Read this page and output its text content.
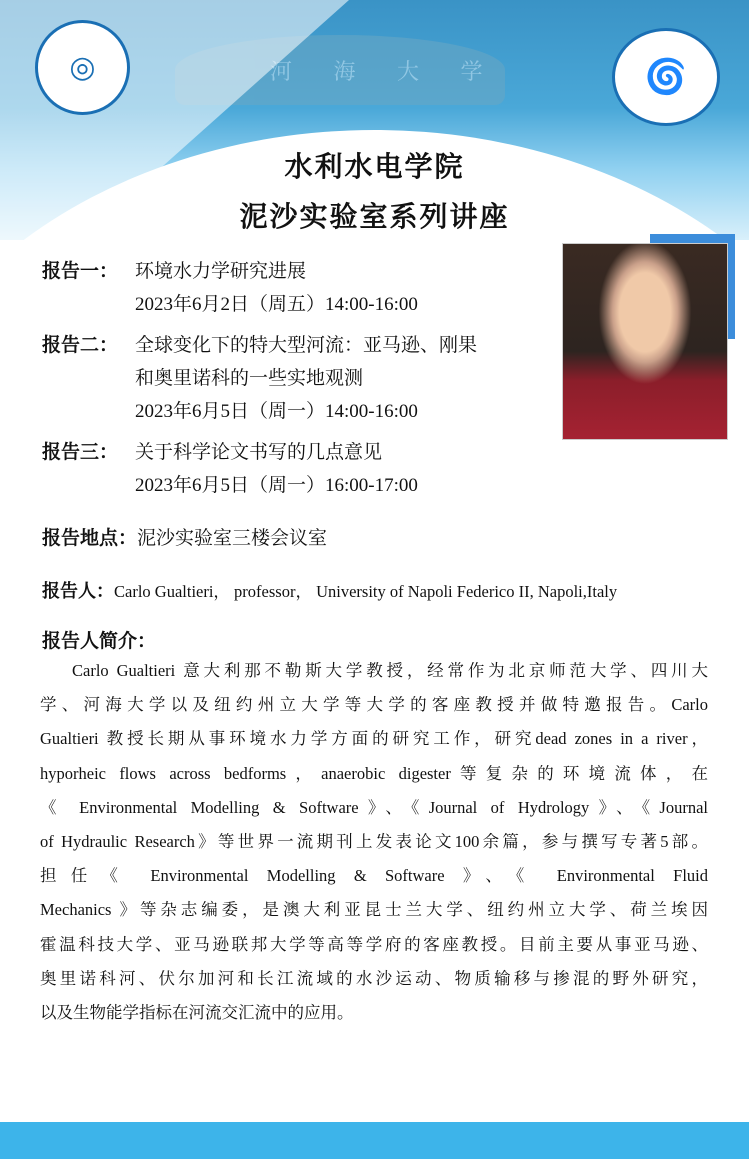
河 海 大 学
◎	🌀
水利水电学院
泥沙实验室系列讲座
报告一： 环境水力学研究进展
2023年6月2日（周五）14:00-16:00
报告二： 全球变化下的特大型河流：亚马逊、刚果
和奥里诺科的一些实地观测
2023年6月5日（周一）14:00-16:00
报告三： 关于科学论文书写的几点意见
2023年6月5日（周一）16:00-17:00
报告地点：泥沙实验室三楼会议室
报告人：Carlo Gualtieri， professor， University of Napoli Federico II, Napoli,Italy
报告人简介：
Carlo Gualtieri 意大利那不勒斯大学教授，经常作为北京师范大学、四川大
学、河海大学以及纽约州立大学等大学的客座教授并做特邀报告。Carlo
Gualtieri 教授长期从事环境水力学方面的研究工作，研究dead zones in a river，
hyporheic flows across bedforms，anaerobic digester等复杂的环境流体，在
《 Environmental Modelling & Software》、《Journal of Hydrology》、《Journal
of Hydraulic Research》等世界一流期刊上发表论文100余篇，参与撰写专著5部。
担任《 Environmental Modelling & Software 》、《 Environmental Fluid
Mechanics 》等杂志编委，是澳大利亚昆士兰大学、纽约州立大学、荷兰埃因
霍温科技大学、亚马逊联邦大学等高等学府的客座教授。目前主要从事亚马逊、
奥里诺科河、伏尔加河和长江流域的水沙运动、物质输移与掺混的野外研究，
以及生物能学指标在河流交汇流中的应用。
